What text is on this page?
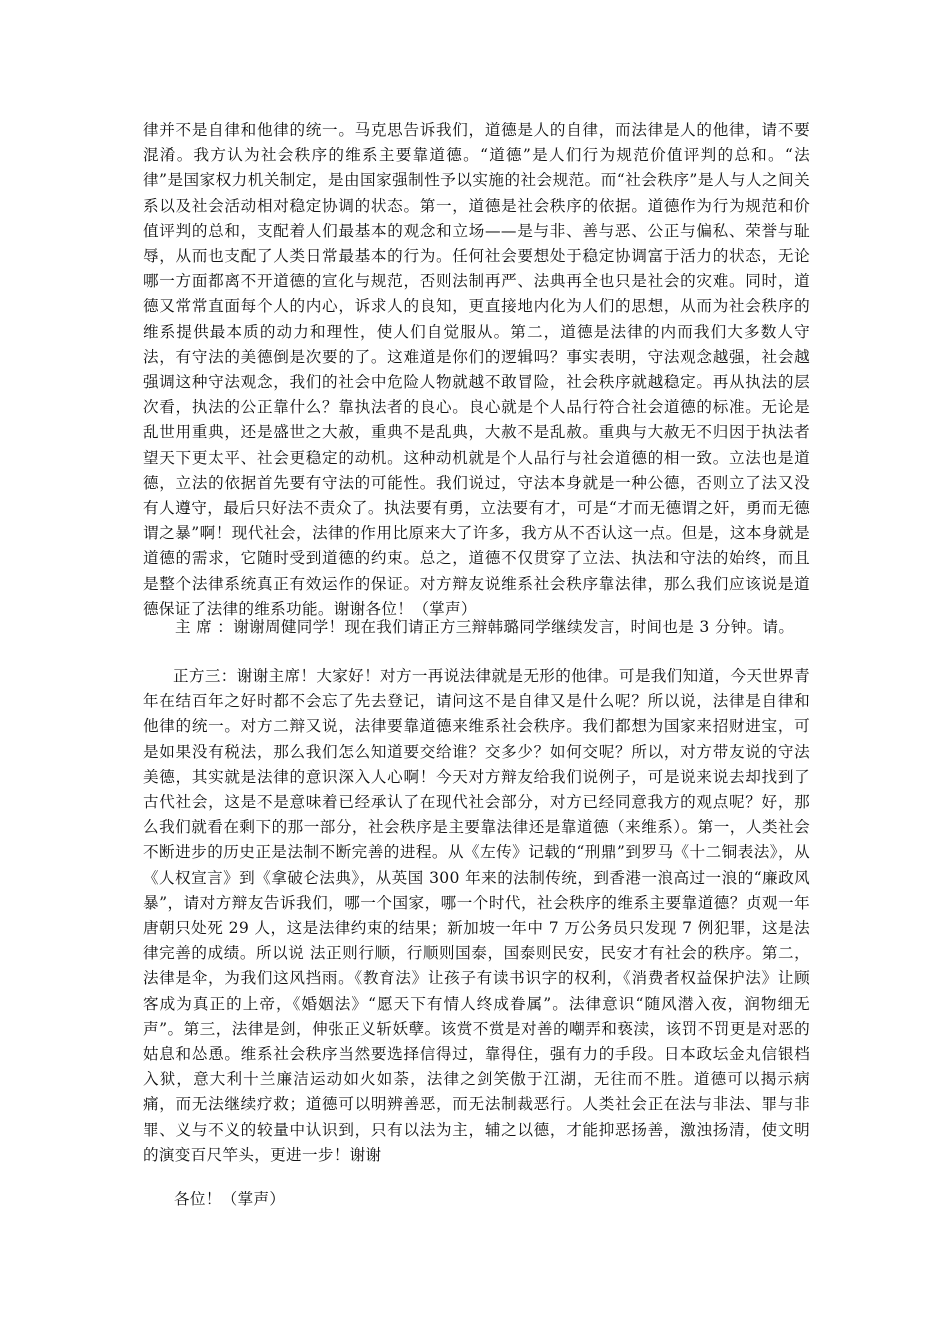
律并不是自律和他律的统一。马克思告诉我们，道德是人的自律，而法律是人的他律，请不要混淆。我方认为社会秩序的维系主要靠道德。“道德”是人们行为规范价值评判的总和。“法律”是国家权力机关制定，是由国家强制性予以实施的社会规范。而“社会秩序”是人与人之间关系以及社会活动相对稳定协调的状态。第一，道德是社会秩序的依据。道德作为行为规范和价值评判的总和，支配着人们最基本的观念和立场——是与非、善与恶、公正与偏私、荣誉与耻辱，从而也支配了人类日常最基本的行为。任何社会要想处于稳定协调富于活力的状态，无论哪一方面都离不开道德的宣化与规范，否则法制再严、法典再全也只是社会的灾难。同时，道德又常常直面每个人的内心，诉求人的良知，更直接地内化为人们的思想，从而为社会秩序的维系提供最本质的动力和理性，使人们自觉服从。第二，道德是法律的内而我们大多数人守法，有守法的美德倒是次要的了。这难道是你们的逻辑吗？事实表明，守法观念越强，社会越强调这种守法观念，我们的社会中危险人物就越不敢冒险，社会秩序就越稳定。再从执法的层次看，执法的公正靠什么？靠执法者的良心。良心就是个人品行符合社会道德的标准。无论是乱世用重典，还是盛世之大赦，重典不是乱典，大赦不是乱赦。重典与大赦无不归因于执法者望天下更太平、社会更稳定的动机。这种动机就是个人品行与社会道德的相一致。立法也是道德，立法的依据首先要有守法的可能性。我们说过，守法本身就是一种公德，否则立了法又没有人遵守，最后只好法不责众了。执法要有勇，立法要有才，可是“才而无德谓之奸，勇而无德谓之暴”啊！现代社会，法律的作用比原来大了许多，我方从不否认这一点。但是，这本身就是道德的需求，它随时受到道德的约束。总之，道德不仅贯穿了立法、执法和守法的始终，而且是整个法律系统真正有效运作的保证。对方辩友说维系社会秩序靠法律，那么我们应该说是道德保证了法律的维系功能。谢谢各位！（掌声）

主 席 ：谢谢周健同学！现在我们请正方三辩韩璐同学继续发言，时间也是 3 分钟。请。

正方三：谢谢主席！大家好！对方一再说法律就是无形的他律。可是我们知道，今天世界青年在结百年之好时都不会忘了先去登记，请问这不是自律又是什么呢？所以说，法律是自律和他律的统一。对方二辩又说，法律要靠道德来维系社会秩序。我们都想为国家来招财进宝，可是如果没有税法，那么我们怎么知道要交给谁？交多少？如何交呢？所以，对方带友说的守法美德，其实就是法律的意识深入人心啊！今天对方辩友给我们说例子，可是说来说去却找到了古代社会，这是不是意味着已经承认了在现代社会部分，对方已经同意我方的观点呢？好，那么我们就看在剩下的那一部分，社会秩序是主要靠法律还是靠道德（来维系）。第一，人类社会不断进步的历史正是法制不断完善的进程。从《左传》记载的“刑鼎”到罗马《十二铜表法》，从《人权宣言》到《拿破仑法典》，从英国 300 年来的法制传统，到香港一浪高过一浪的“廉政风暴”，请对方辩友告诉我们，哪一个国家，哪一个时代，社会秩序的维系主要靠道德？贞观一年唐朝只处死 29 人，这是法律约束的结果；新加坡一年中 7 万公务员只发现 7 例犯罪，这是法律完善的成绩。所以说 法正则行顺，行顺则国泰，国泰则民安，民安才有社会的秩序。第二，法律是伞，为我们这风挡雨。《教育法》让孩子有读书识字的权利，《消费者权益保护法》让顾客成为真正的上帝，《婚姻法》“愿天下有情人终成眷属”。法律意识“随风潜入夜，润物细无声”。第三，法律是剑，伸张正义斩妖孽。该赏不赏是对善的嘲弄和亵渎，该罚不罚更是对恶的姑息和怂恿。维系社会秩序当然要选择信得过，靠得住，强有力的手段。日本政坛金丸信银档入狱，意大利十兰廉洁运动如火如荼，法律之剑笑傲于江湖，无往而不胜。道德可以揭示病痛，而无法继续疗救；道德可以明辨善恶，而无法制裁恶行。人类社会正在法与非法、罪与非罪、义与不义的较量中认识到，只有以法为主，辅之以德，才能抑恶扬善，激浊扬清，使文明的演变百尺竿头，更进一步！谢谢

各位！（掌声）
